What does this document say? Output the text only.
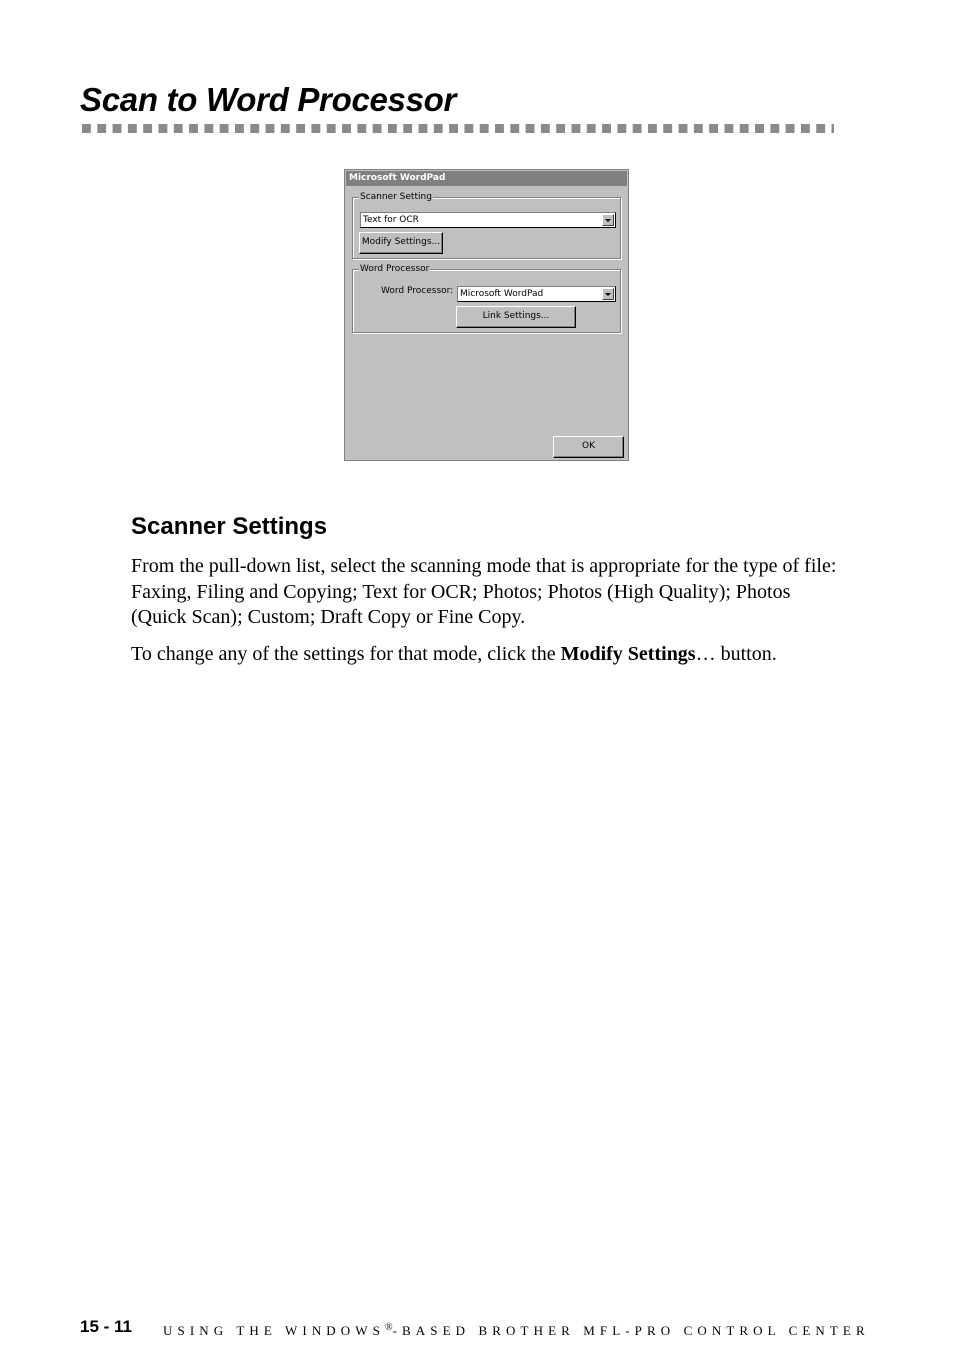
Scan to Word Processor
Microsoft WordPad
Scanner Setting
Text for OCR
Modify Settings...
Word Processor
Word Processor: Microsoft WordPad
Link Settings...
OK
Scanner Settings

From the pull-down list, select the scanning mode that is appropriate for the type of file: Faxing, Filing and Copying; Text for OCR; Photos; Photos (High Quality); Photos (Quick Scan); Custom; Draft Copy or Fine Copy.

To change any of the settings for that mode, click the Modify Settings… button.

15 - 11 USING THE WINDOWS®-BASED BROTHER MFL-PRO CONTROL CENTER
